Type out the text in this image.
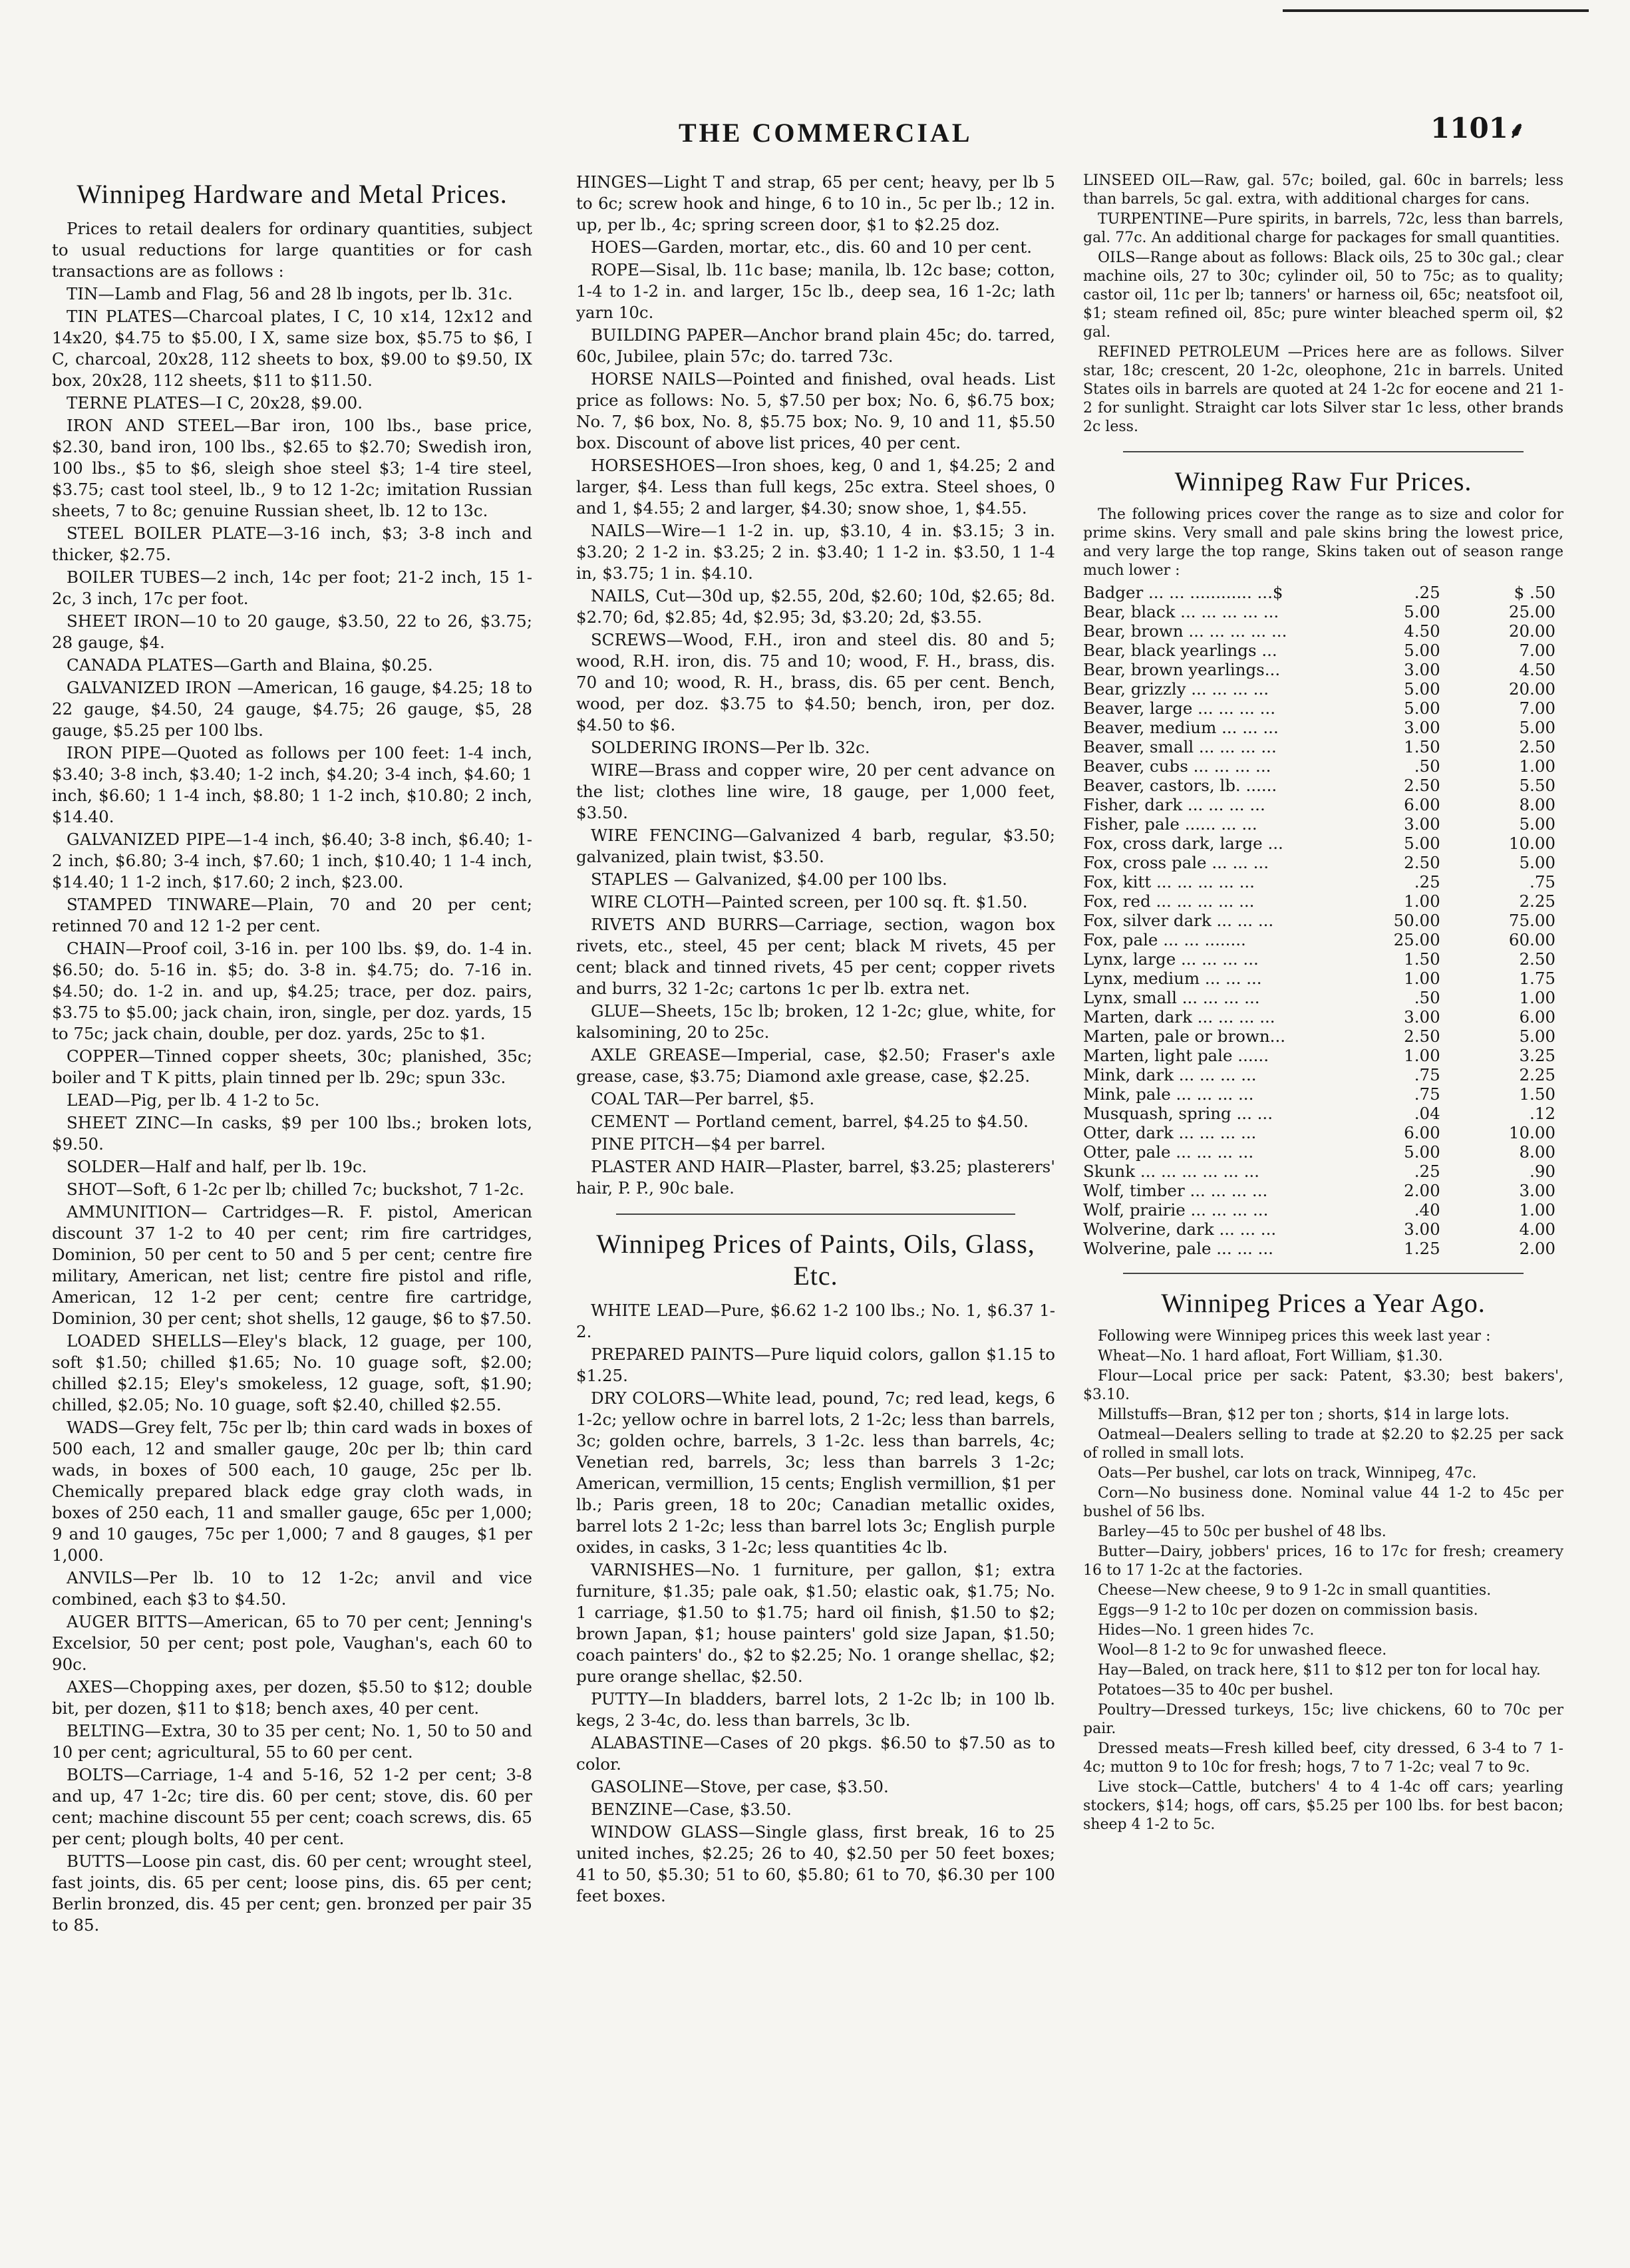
THE COMMERCIAL	1101⸙
Winnipeg Hardware and Metal Prices.

Prices to retail dealers for ordinary quantities, subject to usual reductions for large quantities or for cash transactions are as follows :

TIN—Lamb and Flag, 56 and 28 lb ingots, per lb. 31c.

TIN PLATES—Charcoal plates, I C, 10 x14, 12x12 and 14x20, $4.75 to $5.00, I X, same size box, $5.75 to $6, I C, charcoal, 20x28, 112 sheets to box, $9.00 to $9.50, IX box, 20x28, 112 sheets, $11 to $11.50.

TERNE PLATES—I C, 20x28, $9.00.

IRON AND STEEL—Bar iron, 100 lbs., base price, $2.30, band iron, 100 lbs., $2.65 to $2.70; Swedish iron, 100 lbs., $5 to $6, sleigh shoe steel $3; 1-4 tire steel, $3.75; cast tool steel, lb., 9 to 12 1-2c; imitation Russian sheets, 7 to 8c; genuine Russian sheet, lb. 12 to 13c.

STEEL BOILER PLATE—3-16 inch, $3; 3-8 inch and thicker, $2.75.

BOILER TUBES—2 inch, 14c per foot; 21-2 inch, 15 1-2c, 3 inch, 17c per foot.

SHEET IRON—10 to 20 gauge, $3.50, 22 to 26, $3.75; 28 gauge, $4.

CANADA PLATES—Garth and Blaina, $0.25.

GALVANIZED IRON —American, 16 gauge, $4.25; 18 to 22 gauge, $4.50, 24 gauge, $4.75; 26 gauge, $5, 28 gauge, $5.25 per 100 lbs.

IRON PIPE—Quoted as follows per 100 feet: 1-4 inch, $3.40; 3-8 inch, $3.40; 1-2 inch, $4.20; 3-4 inch, $4.60; 1 inch, $6.60; 1 1-4 inch, $8.80; 1 1-2 inch, $10.80; 2 inch, $14.40.

GALVANIZED PIPE—1-4 inch, $6.40; 3-8 inch, $6.40; 1-2 inch, $6.80; 3-4 inch, $7.60; 1 inch, $10.40; 1 1-4 inch, $14.40; 1 1-2 inch, $17.60; 2 inch, $23.00.

STAMPED TINWARE—Plain, 70 and 20 per cent; retinned 70 and 12 1-2 per cent.

CHAIN—Proof coil, 3-16 in. per 100 lbs. $9, do. 1-4 in. $6.50; do. 5-16 in. $5; do. 3-8 in. $4.75; do. 7-16 in. $4.50; do. 1-2 in. and up, $4.25; trace, per doz. pairs, $3.75 to $5.00; jack chain, iron, single, per doz. yards, 15 to 75c; jack chain, double, per doz. yards, 25c to $1.

COPPER—Tinned copper sheets, 30c; planished, 35c; boiler and T K pitts, plain tinned per lb. 29c; spun 33c.

LEAD—Pig, per lb. 4 1-2 to 5c.

SHEET ZINC—In casks, $9 per 100 lbs.; broken lots, $9.50.

SOLDER—Half and half, per lb. 19c.

SHOT—Soft, 6 1-2c per lb; chilled 7c; buckshot, 7 1-2c.

AMMUNITION— Cartridges—R. F. pistol, American discount 37 1-2 to 40 per cent; rim fire cartridges, Dominion, 50 per cent to 50 and 5 per cent; centre fire military, American, net list; centre fire pistol and rifle, American, 12 1-2 per cent; centre fire cartridge, Dominion, 30 per cent; shot shells, 12 gauge, $6 to $7.50.

LOADED SHELLS—Eley's black, 12 guage, per 100, soft $1.50; chilled $1.65; No. 10 guage soft, $2.00; chilled $2.15; Eley's smokeless, 12 guage, soft, $1.90; chilled, $2.05; No. 10 guage, soft $2.40, chilled $2.55.

WADS—Grey felt, 75c per lb; thin card wads in boxes of 500 each, 12 and smaller gauge, 20c per lb; thin card wads, in boxes of 500 each, 10 gauge, 25c per lb. Chemically prepared black edge gray cloth wads, in boxes of 250 each, 11 and smaller gauge, 65c per 1,000; 9 and 10 gauges, 75c per 1,000; 7 and 8 gauges, $1 per 1,000.

ANVILS—Per lb. 10 to 12 1-2c; anvil and vice combined, each $3 to $4.50.

AUGER BITTS—American, 65 to 70 per cent; Jenning's Excelsior, 50 per cent; post pole, Vaughan's, each 60 to 90c.

AXES—Chopping axes, per dozen, $5.50 to $12; double bit, per dozen, $11 to $18; bench axes, 40 per cent.

BELTING—Extra, 30 to 35 per cent; No. 1, 50 to 50 and 10 per cent; agricultural, 55 to 60 per cent.

BOLTS—Carriage, 1-4 and 5-16, 52 1-2 per cent; 3-8 and up, 47 1-2c; tire dis. 60 per cent; stove, dis. 60 per cent; machine discount 55 per cent; coach screws, dis. 65 per cent; plough bolts, 40 per cent.

BUTTS—Loose pin cast, dis. 60 per cent; wrought steel, fast joints, dis. 65 per cent; loose pins, dis. 65 per cent; Berlin bronzed, dis. 45 per cent; gen. bronzed per pair 35 to 85.

HINGES—Light T and strap, 65 per cent; heavy, per lb 5 to 6c; screw hook and hinge, 6 to 10 in., 5c per lb.; 12 in. up, per lb., 4c; spring screen door, $1 to $2.25 doz.

HOES—Garden, mortar, etc., dis. 60 and 10 per cent.

ROPE—Sisal, lb. 11c base; manila, lb. 12c base; cotton, 1-4 to 1-2 in. and larger, 15c lb., deep sea, 16 1-2c; lath yarn 10c.

BUILDING PAPER—Anchor brand plain 45c; do. tarred, 60c, Jubilee, plain 57c; do. tarred 73c.

HORSE NAILS—Pointed and finished, oval heads. List price as follows: No. 5, $7.50 per box; No. 6, $6.75 box; No. 7, $6 box, No. 8, $5.75 box; No. 9, 10 and 11, $5.50 box. Discount of above list prices, 40 per cent.

HORSESHOES—Iron shoes, keg, 0 and 1, $4.25; 2 and larger, $4. Less than full kegs, 25c extra. Steel shoes, 0 and 1, $4.55; 2 and larger, $4.30; snow shoe, 1, $4.55.

NAILS—Wire—1 1-2 in. up, $3.10, 4 in. $3.15; 3 in. $3.20; 2 1-2 in. $3.25; 2 in. $3.40; 1 1-2 in. $3.50, 1 1-4 in, $3.75; 1 in. $4.10.

NAILS, Cut—30d up, $2.55, 20d, $2.60; 10d, $2.65; 8d. $2.70; 6d, $2.85; 4d, $2.95; 3d, $3.20; 2d, $3.55.

SCREWS—Wood, F.H., iron and steel dis. 80 and 5; wood, R.H. iron, dis. 75 and 10; wood, F. H., brass, dis. 70 and 10; wood, R. H., brass, dis. 65 per cent. Bench, wood, per doz. $3.75 to $4.50; bench, iron, per doz. $4.50 to $6.

SOLDERING IRONS—Per lb. 32c.

WIRE—Brass and copper wire, 20 per cent advance on the list; clothes line wire, 18 gauge, per 1,000 feet, $3.50.

WIRE FENCING—Galvanized 4 barb, regular, $3.50; galvanized, plain twist, $3.50.

STAPLES — Galvanized, $4.00 per 100 lbs.

WIRE CLOTH—Painted screen, per 100 sq. ft. $1.50.

RIVETS AND BURRS—Carriage, section, wagon box rivets, etc., steel, 45 per cent; black M rivets, 45 per cent; black and tinned rivets, 45 per cent; copper rivets and burrs, 32 1-2c; cartons 1c per lb. extra net.

GLUE—Sheets, 15c lb; broken, 12 1-2c; glue, white, for kalsomining, 20 to 25c.

AXLE GREASE—Imperial, case, $2.50; Fraser's axle grease, case, $3.75; Diamond axle grease, case, $2.25.

COAL TAR—Per barrel, $5.

CEMENT — Portland cement, barrel, $4.25 to $4.50.

PINE PITCH—$4 per barrel.

PLASTER AND HAIR—Plaster, barrel, $3.25; plasterers' hair, P. P., 90c bale.

Winnipeg Prices of Paints, Oils, Glass, Etc.

WHITE LEAD—Pure, $6.62 1-2 100 lbs.; No. 1, $6.37 1-2.

PREPARED PAINTS—Pure liquid colors, gallon $1.15 to $1.25.

DRY COLORS—White lead, pound, 7c; red lead, kegs, 6 1-2c; yellow ochre in barrel lots, 2 1-2c; less than barrels, 3c; golden ochre, barrels, 3 1-2c. less than barrels, 4c; Venetian red, barrels, 3c; less than barrels 3 1-2c; American, vermillion, 15 cents; English vermillion, $1 per lb.; Paris green, 18 to 20c; Canadian metallic oxides, barrel lots 2 1-2c; less than barrel lots 3c; English purple oxides, in casks, 3 1-2c; less quantities 4c lb.

VARNISHES—No. 1 furniture, per gallon, $1; extra furniture, $1.35; pale oak, $1.50; elastic oak, $1.75; No. 1 carriage, $1.50 to $1.75; hard oil finish, $1.50 to $2; brown Japan, $1; house painters' gold size Japan, $1.50; coach painters' do., $2 to $2.25; No. 1 orange shellac, $2; pure orange shellac, $2.50.

PUTTY—In bladders, barrel lots, 2 1-2c lb; in 100 lb. kegs, 2 3-4c, do. less than barrels, 3c lb.

ALABASTINE—Cases of 20 pkgs. $6.50 to $7.50 as to color.

GASOLINE—Stove, per case, $3.50.

BENZINE—Case, $3.50.

WINDOW GLASS—Single glass, first break, 16 to 25 united inches, $2.25; 26 to 40, $2.50 per 50 feet boxes; 41 to 50, $5.30; 51 to 60, $5.80; 61 to 70, $6.30 per 100 feet boxes.

LINSEED OIL—Raw, gal. 57c; boiled, gal. 60c in barrels; less than barrels, 5c gal. extra, with additional charges for cans.

TURPENTINE—Pure spirits, in barrels, 72c, less than barrels, gal. 77c. An additional charge for packages for small quantities.

OILS—Range about as follows: Black oils, 25 to 30c gal.; clear machine oils, 27 to 30c; cylinder oil, 50 to 75c; as to quality; castor oil, 11c per lb; tanners' or harness oil, 65c; neatsfoot oil, $1; steam refined oil, 85c; pure winter bleached sperm oil, $2 gal.

REFINED PETROLEUM —Prices here are as follows. Silver star, 18c; crescent, 20 1-2c, oleophone, 21c in barrels. United States oils in barrels are quoted at 24 1-2c for eocene and 21 1-2 for sunlight. Straight car lots Silver star 1c less, other brands 2c less.

Winnipeg Raw Fur Prices.

The following prices cover the range as to size and color for prime skins. Very small and pale skins bring the lowest price, and very large the top range, Skins taken out of season range much lower :

Badger ... ... ............ ...$	.25	$ .50
Bear, black ... ... ... ... ...	5.00	25.00
Bear, brown ... ... ... ... ...	4.50	20.00
Bear, black yearlings ...	5.00	7.00
Bear, brown yearlings...	3.00	4.50
Bear, grizzly ... ... ... ...	5.00	20.00
Beaver, large ... ... ... ...	5.00	7.00
Beaver, medium ... ... ...	3.00	5.00
Beaver, small ... ... ... ...	1.50	2.50
Beaver, cubs ... ... ... ...	.50	1.00
Beaver, castors, lb. ......	2.50	5.50
Fisher, dark ... ... ... ...	6.00	8.00
Fisher, pale ...... ... ...	3.00	5.00
Fox, cross dark, large ...	5.00	10.00
Fox, cross pale ... ... ...	2.50	5.00
Fox, kitt ... ... ... ... ...	.25	.75
Fox, red ... ... ... ... ...	1.00	2.25
Fox, silver dark ... ... ...	50.00	75.00
Fox, pale ... ... ........	25.00	60.00
Lynx, large ... ... ... ...	1.50	2.50
Lynx, medium ... ... ...	1.00	1.75
Lynx, small ... ... ... ...	.50	1.00
Marten, dark ... ... ... ...	3.00	6.00
Marten, pale or brown...	2.50	5.00
Marten, light pale ......	1.00	3.25
Mink, dark ... ... ... ...	.75	2.25
Mink, pale ... ... ... ...	.75	1.50
Musquash, spring ... ...	.04	.12
Otter, dark ... ... ... ...	6.00	10.00
Otter, pale ... ... ... ...	5.00	8.00
Skunk ... ... ... ... ... ...	.25	.90
Wolf, timber ... ... ... ...	2.00	3.00
Wolf, prairie ... ... ... ...	.40	1.00
Wolverine, dark ... ... ...	3.00	4.00
Wolverine, pale ... ... ...	1.25	2.00
Winnipeg Prices a Year Ago.

Following were Winnipeg prices this week last year :

Wheat—No. 1 hard afloat, Fort William, $1.30.

Flour—Local price per sack: Patent, $3.30; best bakers', $3.10.

Millstuffs—Bran, $12 per ton ; shorts, $14 in large lots.

Oatmeal—Dealers selling to trade at $2.20 to $2.25 per sack of rolled in small lots.

Oats—Per bushel, car lots on track, Winnipeg, 47c.

Corn—No business done. Nominal value 44 1-2 to 45c per bushel of 56 lbs.

Barley—45 to 50c per bushel of 48 lbs.

Butter—Dairy, jobbers' prices, 16 to 17c for fresh; creamery 16 to 17 1-2c at the factories.

Cheese—New cheese, 9 to 9 1-2c in small quantities.

Eggs—9 1-2 to 10c per dozen on commission basis.

Hides—No. 1 green hides 7c.

Wool—8 1-2 to 9c for unwashed fleece.

Hay—Baled, on track here, $11 to $12 per ton for local hay.

Potatoes—35 to 40c per bushel.

Poultry—Dressed turkeys, 15c; live chickens, 60 to 70c per pair.

Dressed meats—Fresh killed beef, city dressed, 6 3-4 to 7 1-4c; mutton 9 to 10c for fresh; hogs, 7 to 7 1-2c; veal 7 to 9c.

Live stock—Cattle, butchers' 4 to 4 1-4c off cars; yearling stockers, $14; hogs, off cars, $5.25 per 100 lbs. for best bacon; sheep 4 1-2 to 5c.
